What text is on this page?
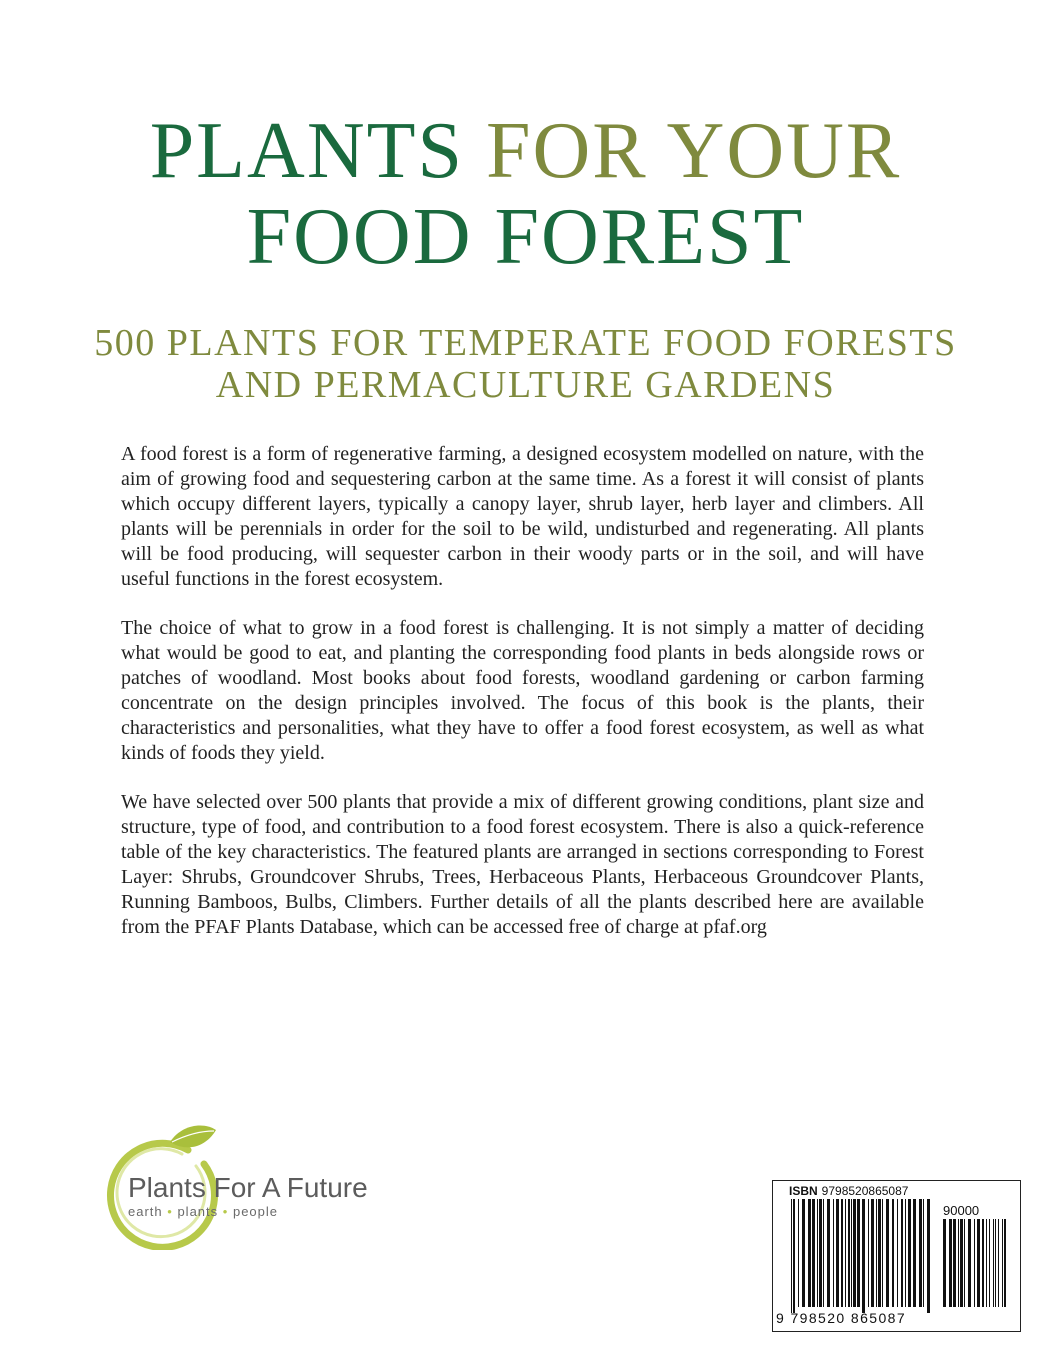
PLANTS FOR YOUR
FOOD FOREST
500 PLANTS FOR TEMPERATE FOOD FORESTS
AND PERMACULTURE GARDENS

A food forest is a form of regenerative farming, a designed ecosystem modelled on nature, with the aim of growing food and sequestering carbon at the same time. As a forest it will consist of plants which occupy different layers, typically a canopy layer, shrub layer, herb layer and climbers. All plants will be perennials in order for the soil to be wild, undisturbed and regenerating. All plants will be food producing, will sequester carbon in their woody parts or in the soil, and will have useful functions in the forest ecosystem.

The choice of what to grow in a food forest is challenging. It is not simply a matter of deciding what would be good to eat, and planting the corresponding food plants in beds alongside rows or patches of woodland. Most books about food forests, woodland gardening or carbon farming concentrate on the design principles involved. The focus of this book is the plants, their characteristics and personalities, what they have to offer a food forest ecosystem, as well as what kinds of foods they yield.

We have selected over 500 plants that provide a mix of different growing conditions, plant size and structure, type of food, and contribution to a food forest ecosystem. There is also a quick-reference table of the key characteristics. The featured plants are arranged in sections corresponding to Forest Layer: Shrubs, Groundcover Shrubs, Trees, Herbaceous Plants, Herbaceous Groundcover Plants, Running Bamboos, Bulbs, Climbers. Further details of all the plants described here are available from the PFAF Plants Database, which can be accessed free of charge at pfaf.org

Plants For A Future
earth • plants • people
ISBN 9798520865087
90000
9 798520 865087
